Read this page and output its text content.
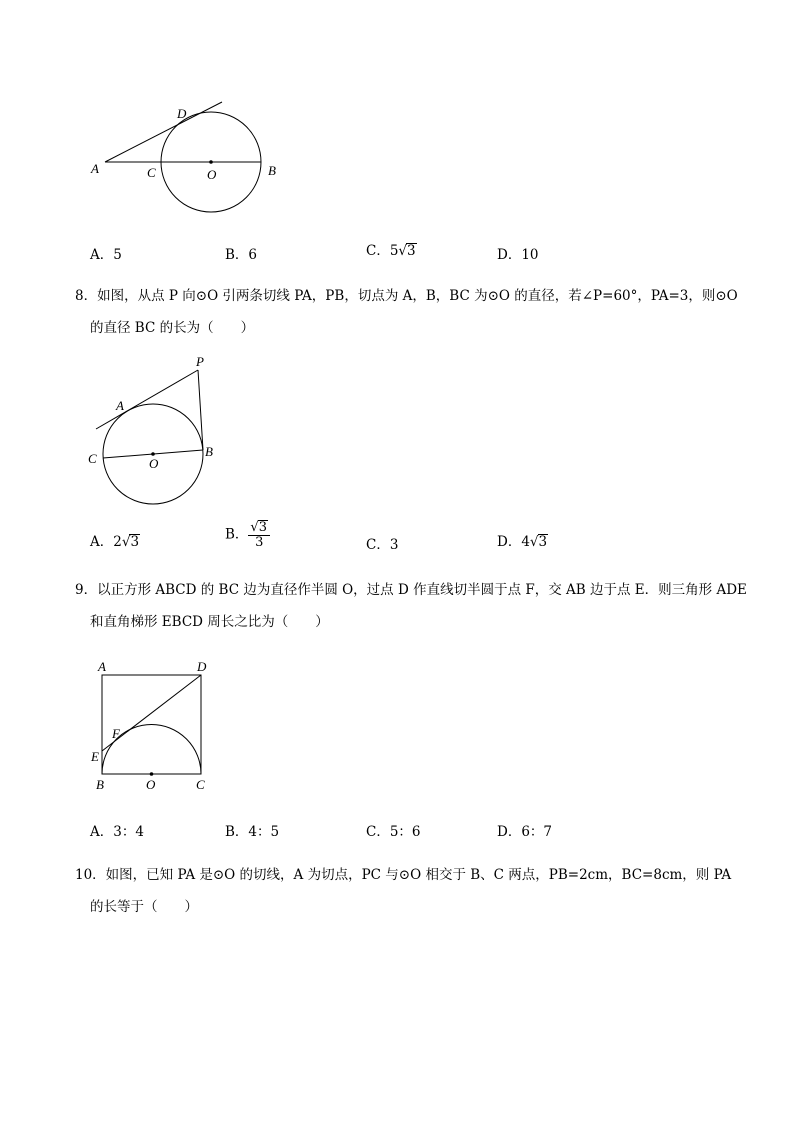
D
A	C	O	B
A．5	B．6	C．5√3	D．10
8．如图，从点 P 向⊙O 引两条切线 PA，PB，切点为 A，B，BC 为⊙O 的直径，若∠P=60°，PA=3，则⊙O
的直径 BC 的长为（　　）
P
A
B
C	O
A．2√3	B． $\frac{√3}{3}$	C．3	D．4√3
9．以正方形 ABCD 的 BC 边为直径作半圆 O，过点 D 作直线切半圆于点 F，交 AB 边于点 E．则三角形 ADE
和直角梯形 EBCD 周长之比为（　　）
A	D
F
E
B	O	C
A．3：4	B．4：5	C．5：6	D．6：7
10．如图，已知 PA 是⊙O 的切线，A 为切点，PC 与⊙O 相交于 B、C 两点，PB=2cm，BC=8cm，则 PA
的长等于（　　）
